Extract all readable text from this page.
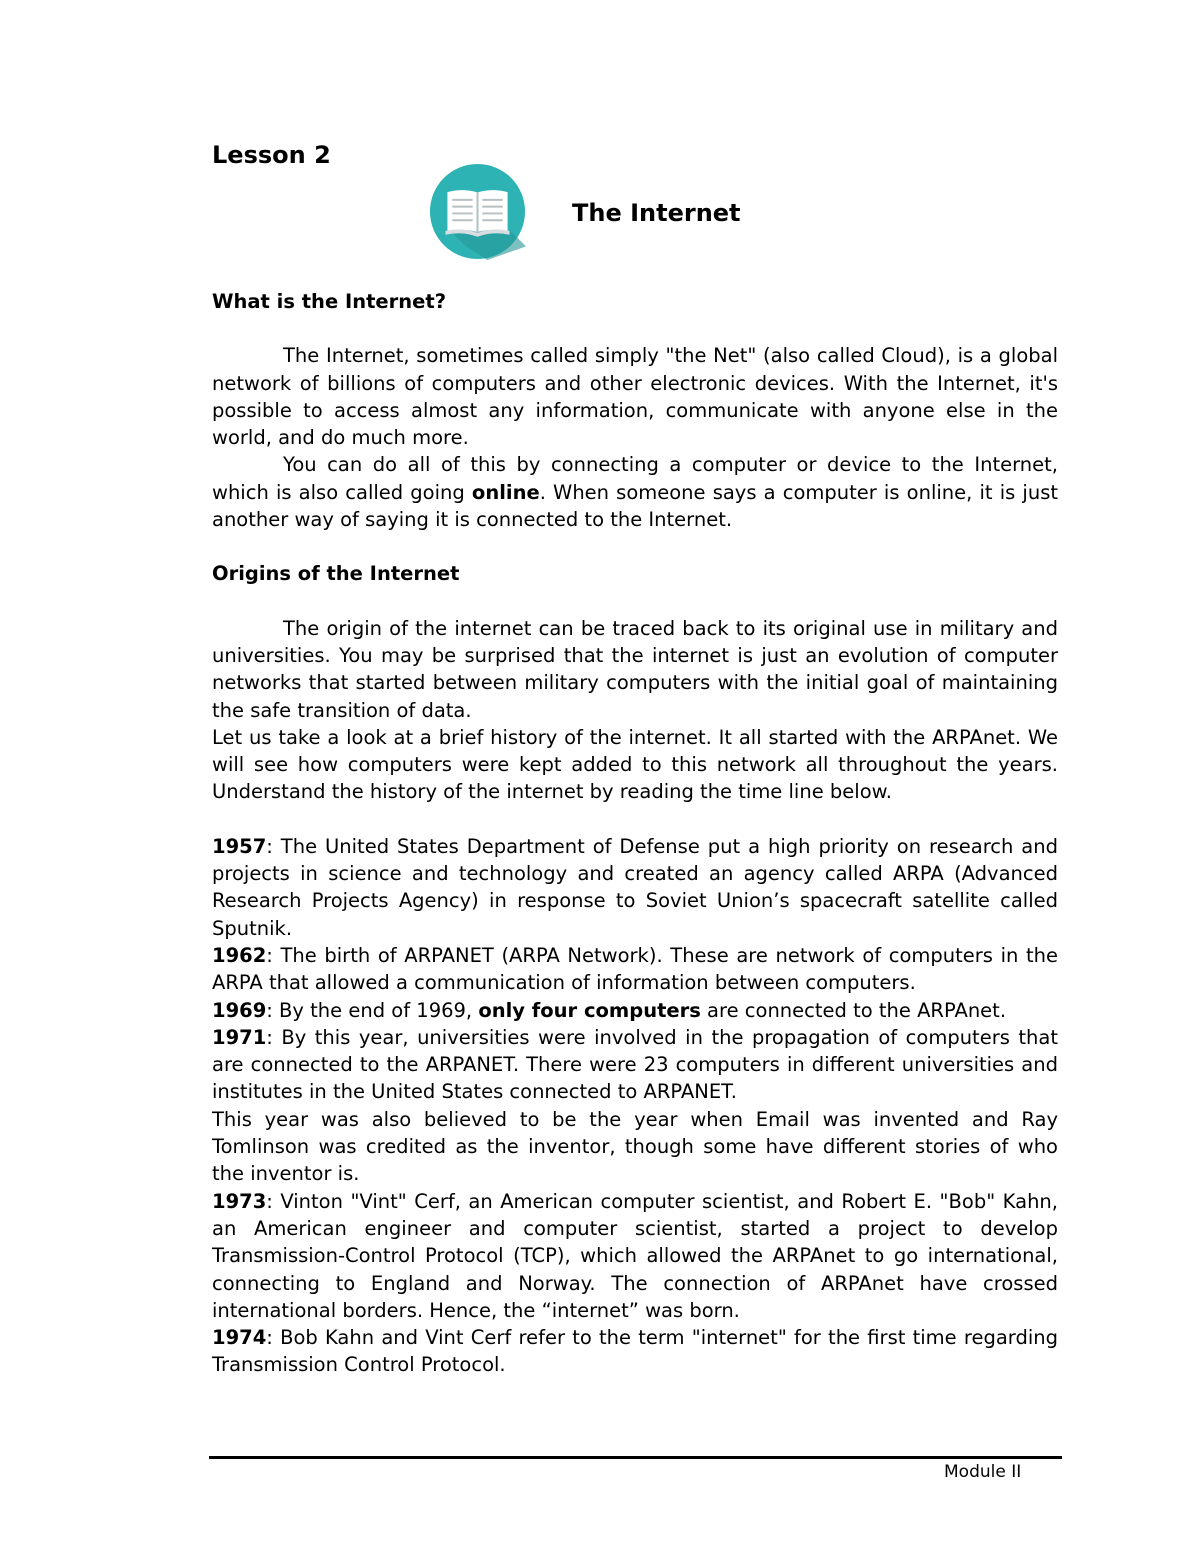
Lesson 2
The Internet
What is the Internet?

The Internet, sometimes called simply "the Net" (also called Cloud), is a global network of billions of computers and other electronic devices. With the Internet, it's possible to access almost any information, communicate with anyone else in the world, and do much more.

You can do all of this by connecting a computer or device to the Internet, which is also called going online. When someone says a computer is online, it is just another way of saying it is connected to the Internet.

Origins of the Internet

The origin of the internet can be traced back to its original use in military and universities. You may be surprised that the internet is just an evolution of computer networks that started between military computers with the initial goal of maintaining the safe transition of data.

Let us take a look at a brief history of the internet. It all started with the ARPAnet. We will see how computers were kept added to this network all throughout the years. Understand the history of the internet by reading the time line below.

1957: The United States Department of Defense put a high priority on research and projects in science and technology and created an agency called ARPA (Advanced Research Projects Agency) in response to Soviet Union’s spacecraft satellite called Sputnik.

1962: The birth of ARPANET (ARPA Network). These are network of computers in the ARPA that allowed a communication of information between computers.

1969: By the end of 1969, only four computers are connected to the ARPAnet.

1971: By this year, universities were involved in the propagation of computers that are connected to the ARPANET. There were 23 computers in different universities and institutes in the United States connected to ARPANET.

This year was also believed to be the year when Email was invented and Ray Tomlinson was credited as the inventor, though some have different stories of who the inventor is.

1973: Vinton "Vint" Cerf, an American computer scientist, and Robert E. "Bob" Kahn, an American engineer and computer scientist, started a project to develop Transmission-Control Protocol (TCP), which allowed the ARPAnet to go international, connecting to England and Norway. The connection of ARPAnet have crossed international borders. Hence, the “internet” was born.

1974: Bob Kahn and Vint Cerf refer to the term "internet" for the first time regarding Transmission Control Protocol.

Module II
